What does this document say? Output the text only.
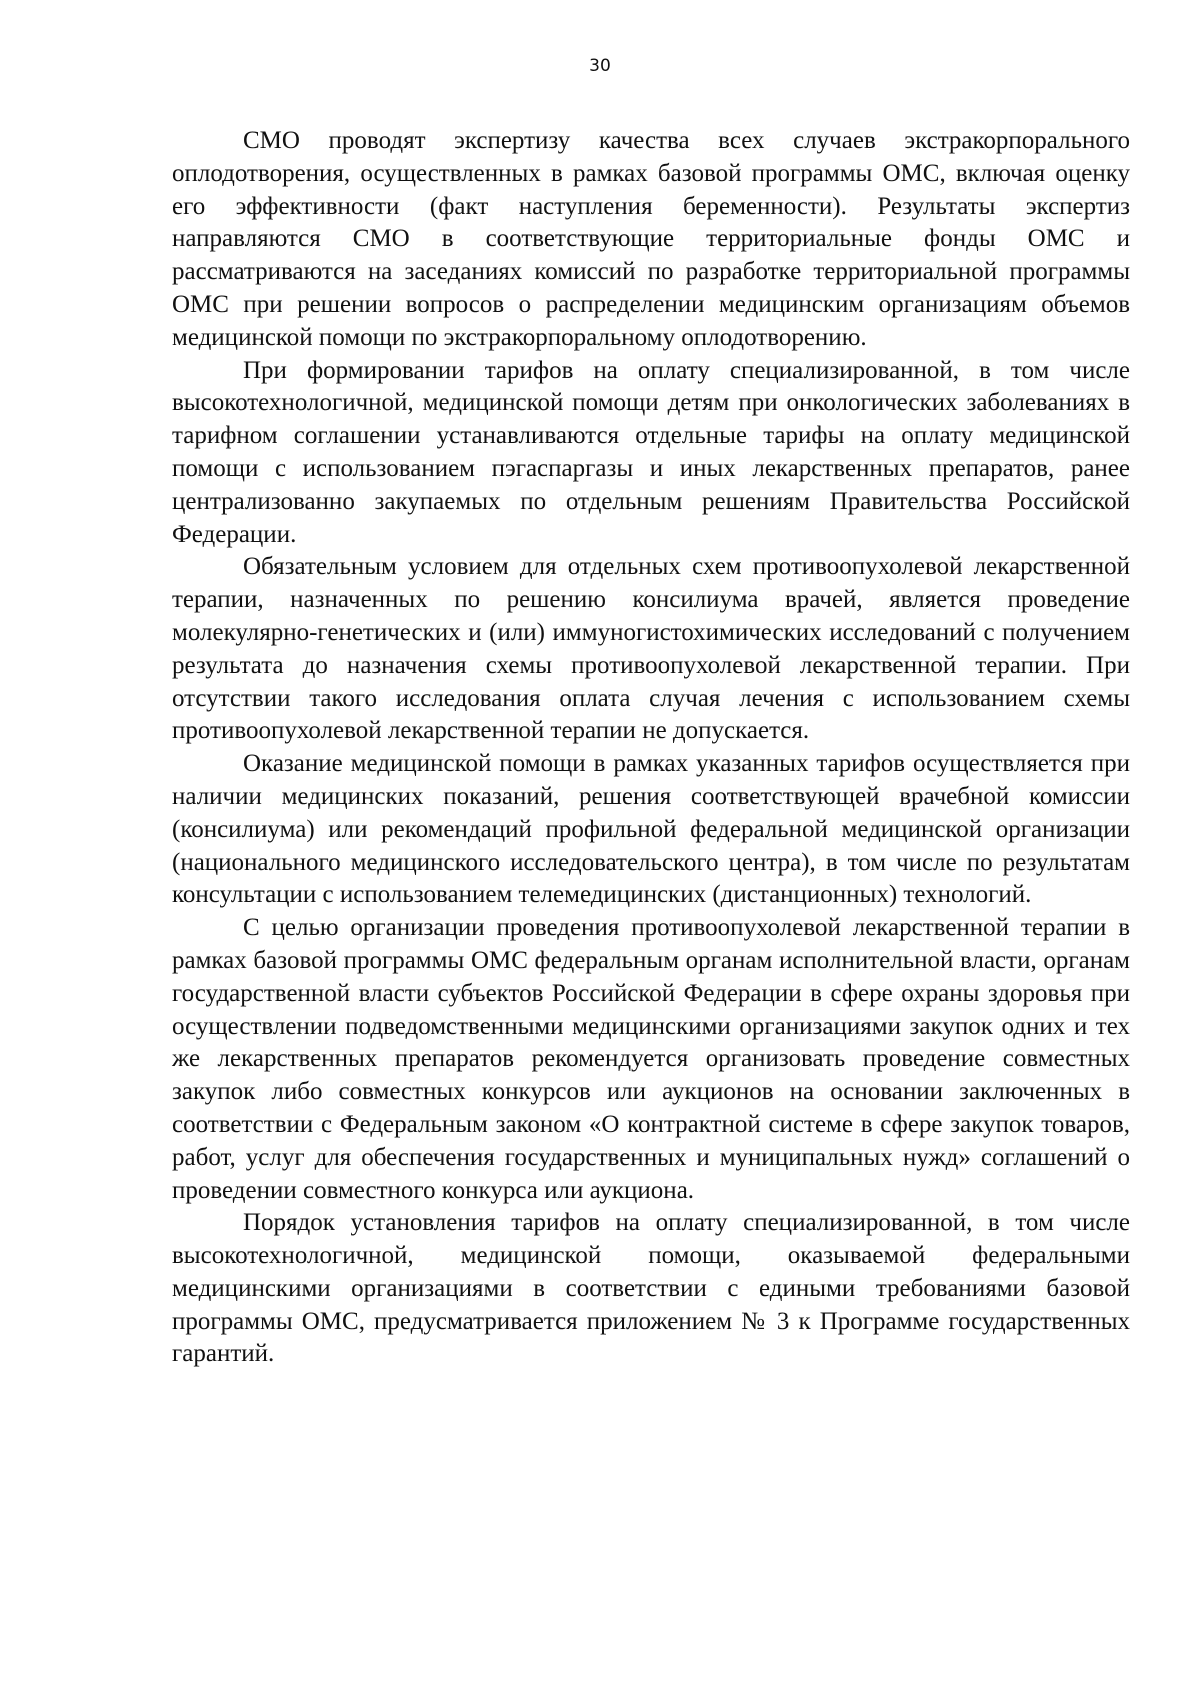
30

СМО проводят экспертизу качества всех случаев экстракорпорального оплодотворения, осуществленных в рамках базовой программы ОМС, включая оценку его эффективности (факт наступления беременности). Результаты экспертиз направляются СМО в соответствующие территориальные фонды ОМС и рассматриваются на заседаниях комиссий по разработке территориальной программы ОМС при решении вопросов о распределении медицинским организациям объемов медицинской помощи по экстракорпоральному оплодотворению.

При формировании тарифов на оплату специализированной, в том числе высокотехнологичной, медицинской помощи детям при онкологических заболеваниях в тарифном соглашении устанавливаются отдельные тарифы на оплату медицинской помощи с использованием пэгаспаргазы и иных лекарственных препаратов, ранее централизованно закупаемых по отдельным решениям Правительства Российской Федерации.

Обязательным условием для отдельных схем противоопухолевой лекарственной терапии, назначенных по решению консилиума врачей, является проведение молекулярно-генетических и (или) иммуногистохимических исследований с получением результата до назначения схемы противоопухолевой лекарственной терапии. При отсутствии такого исследования оплата случая лечения с использованием схемы противоопухолевой лекарственной терапии не допускается.

Оказание медицинской помощи в рамках указанных тарифов осуществляется при наличии медицинских показаний, решения соответствующей врачебной комиссии (консилиума) или рекомендаций профильной федеральной медицинской организации (национального медицинского исследовательского центра), в том числе по результатам консультации с использованием телемедицинских (дистанционных) технологий.

С целью организации проведения противоопухолевой лекарственной терапии в рамках базовой программы ОМС федеральным органам исполнительной власти, органам государственной власти субъектов Российской Федерации в сфере охраны здоровья при осуществлении подведомственными медицинскими организациями закупок одних и тех же лекарственных препаратов рекомендуется организовать проведение совместных закупок либо совместных конкурсов или аукционов на основании заключенных в соответствии с Федеральным законом «О контрактной системе в сфере закупок товаров, работ, услуг для обеспечения государственных и муниципальных нужд» соглашений о проведении совместного конкурса или аукциона.

Порядок установления тарифов на оплату специализированной, в том числе высокотехнологичной, медицинской помощи, оказываемой федеральными медицинскими организациями в соответствии с едиными требованиями базовой программы ОМС, предусматривается приложением № 3 к Программе государственных гарантий.
